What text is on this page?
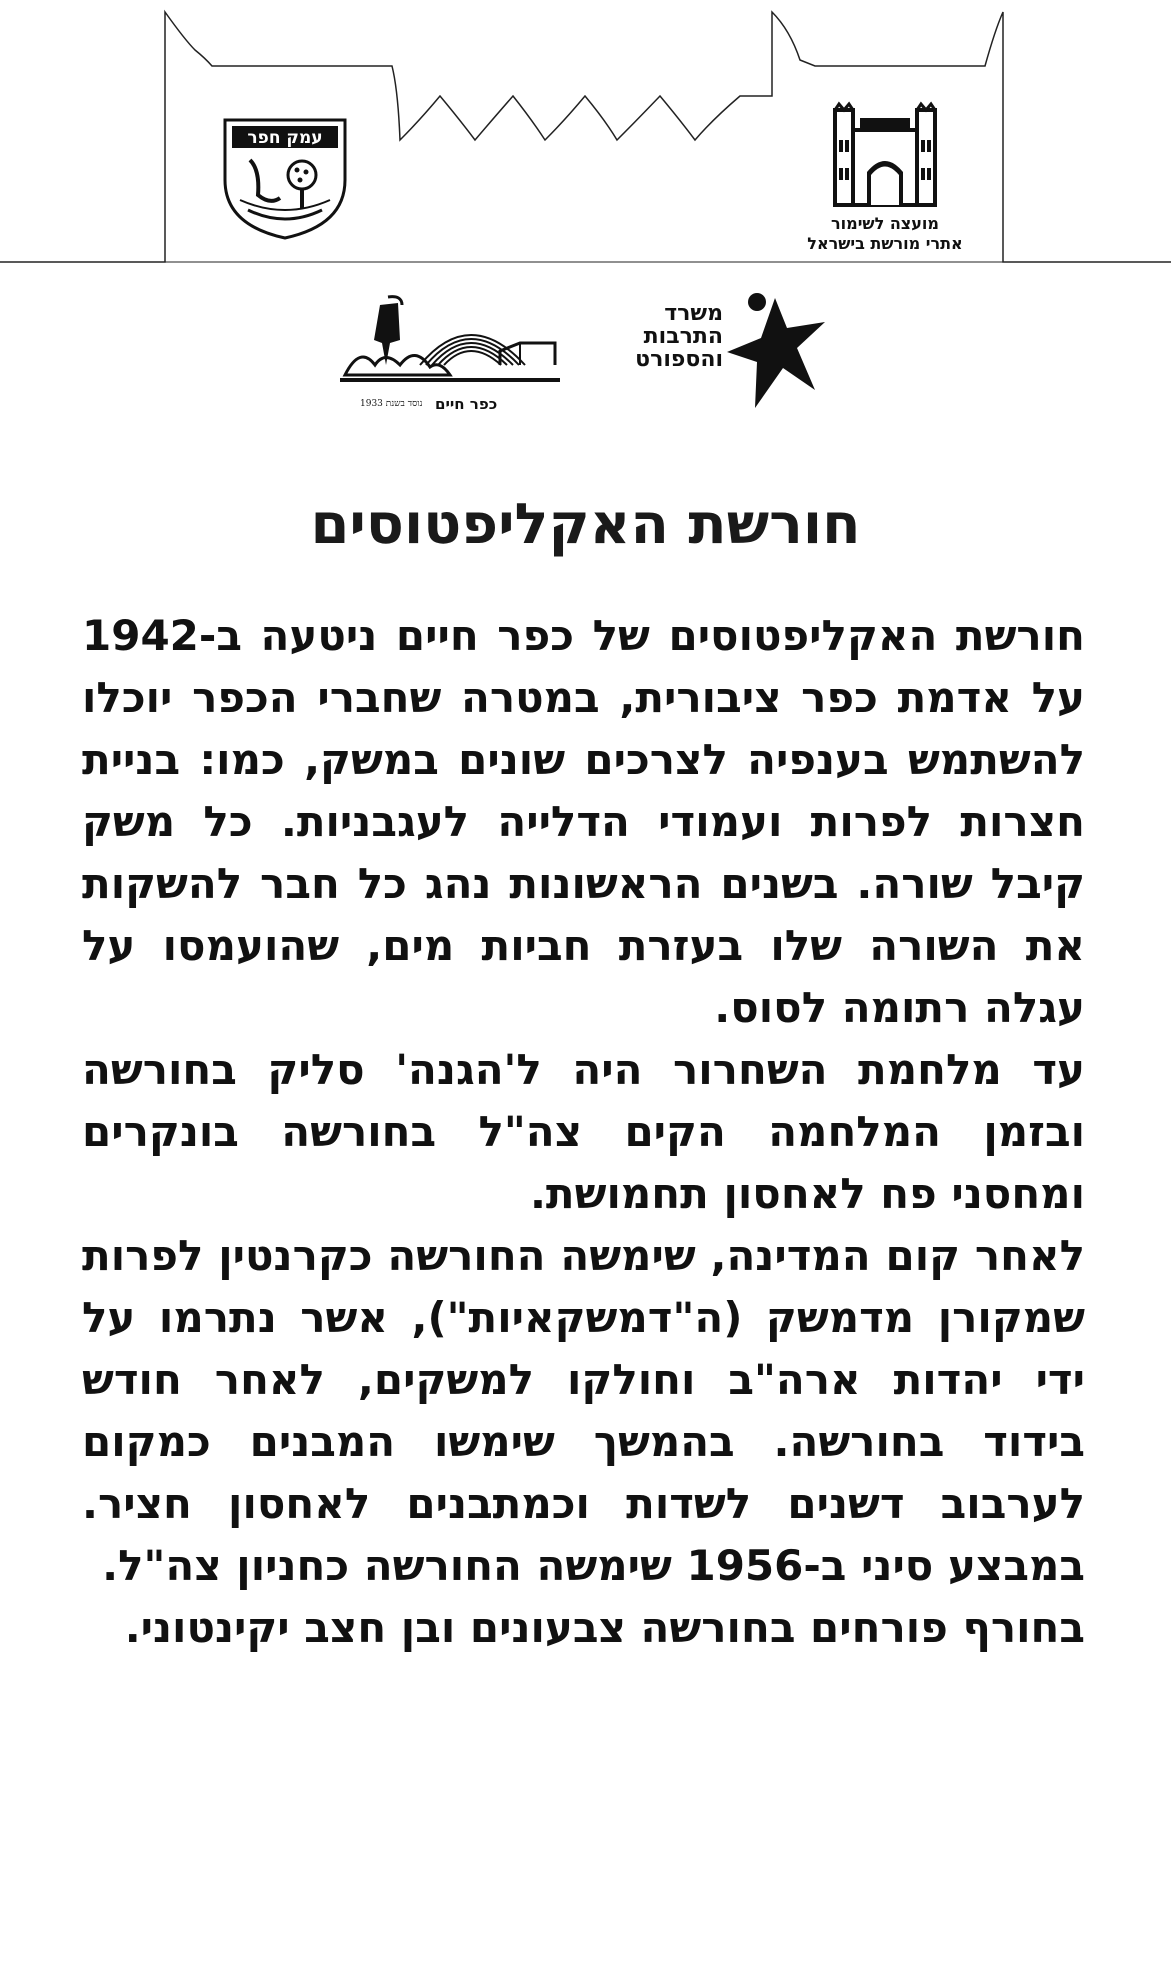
מועצה לשימור
אתרי מורשת בישראל
עמק חפר
משרד
התרבות
והספורט
כפר חיים
נוסד בשנת 1933
חורשת האקליפטוסים

חורשת האקליפטוסים של כפר חיים ניטעה ב-1942 על אדמת כפר ציבורית, במטרה שחברי הכפר יוכלו להשתמש בענפיה לצרכים שונים במשק, כמו: בניית חצרות לפרות ועמודי הדלייה לעגבניות. כל משק קיבל שורה. בשנים הראשונות נהג כל חבר להשקות את השורה שלו בעזרת חביות מים, שהועמסו על עגלה רתומה לסוס.

עד מלחמת השחרור היה ל'הגנה' סליק בחורשה ובזמן המלחמה הקים צה"ל בחורשה בונקרים ומחסני פח לאחסון תחמושת.

לאחר קום המדינה, שימשה החורשה כקרנטין לפרות שמקורן מדמשק (ה"דמשקאיות"), אשר נתרמו על ידי יהדות ארה"ב וחולקו למשקים, לאחר חודש בידוד בחורשה. בהמשך שימשו המבנים כמקום לערבוב דשנים לשדות וכמתבנים לאחסון חציר. במבצע סיני ב-1956 שימשה החורשה כחניון צה"ל.

בחורף פורחים בחורשה צבעונים ובן חצב יקינטוני.
